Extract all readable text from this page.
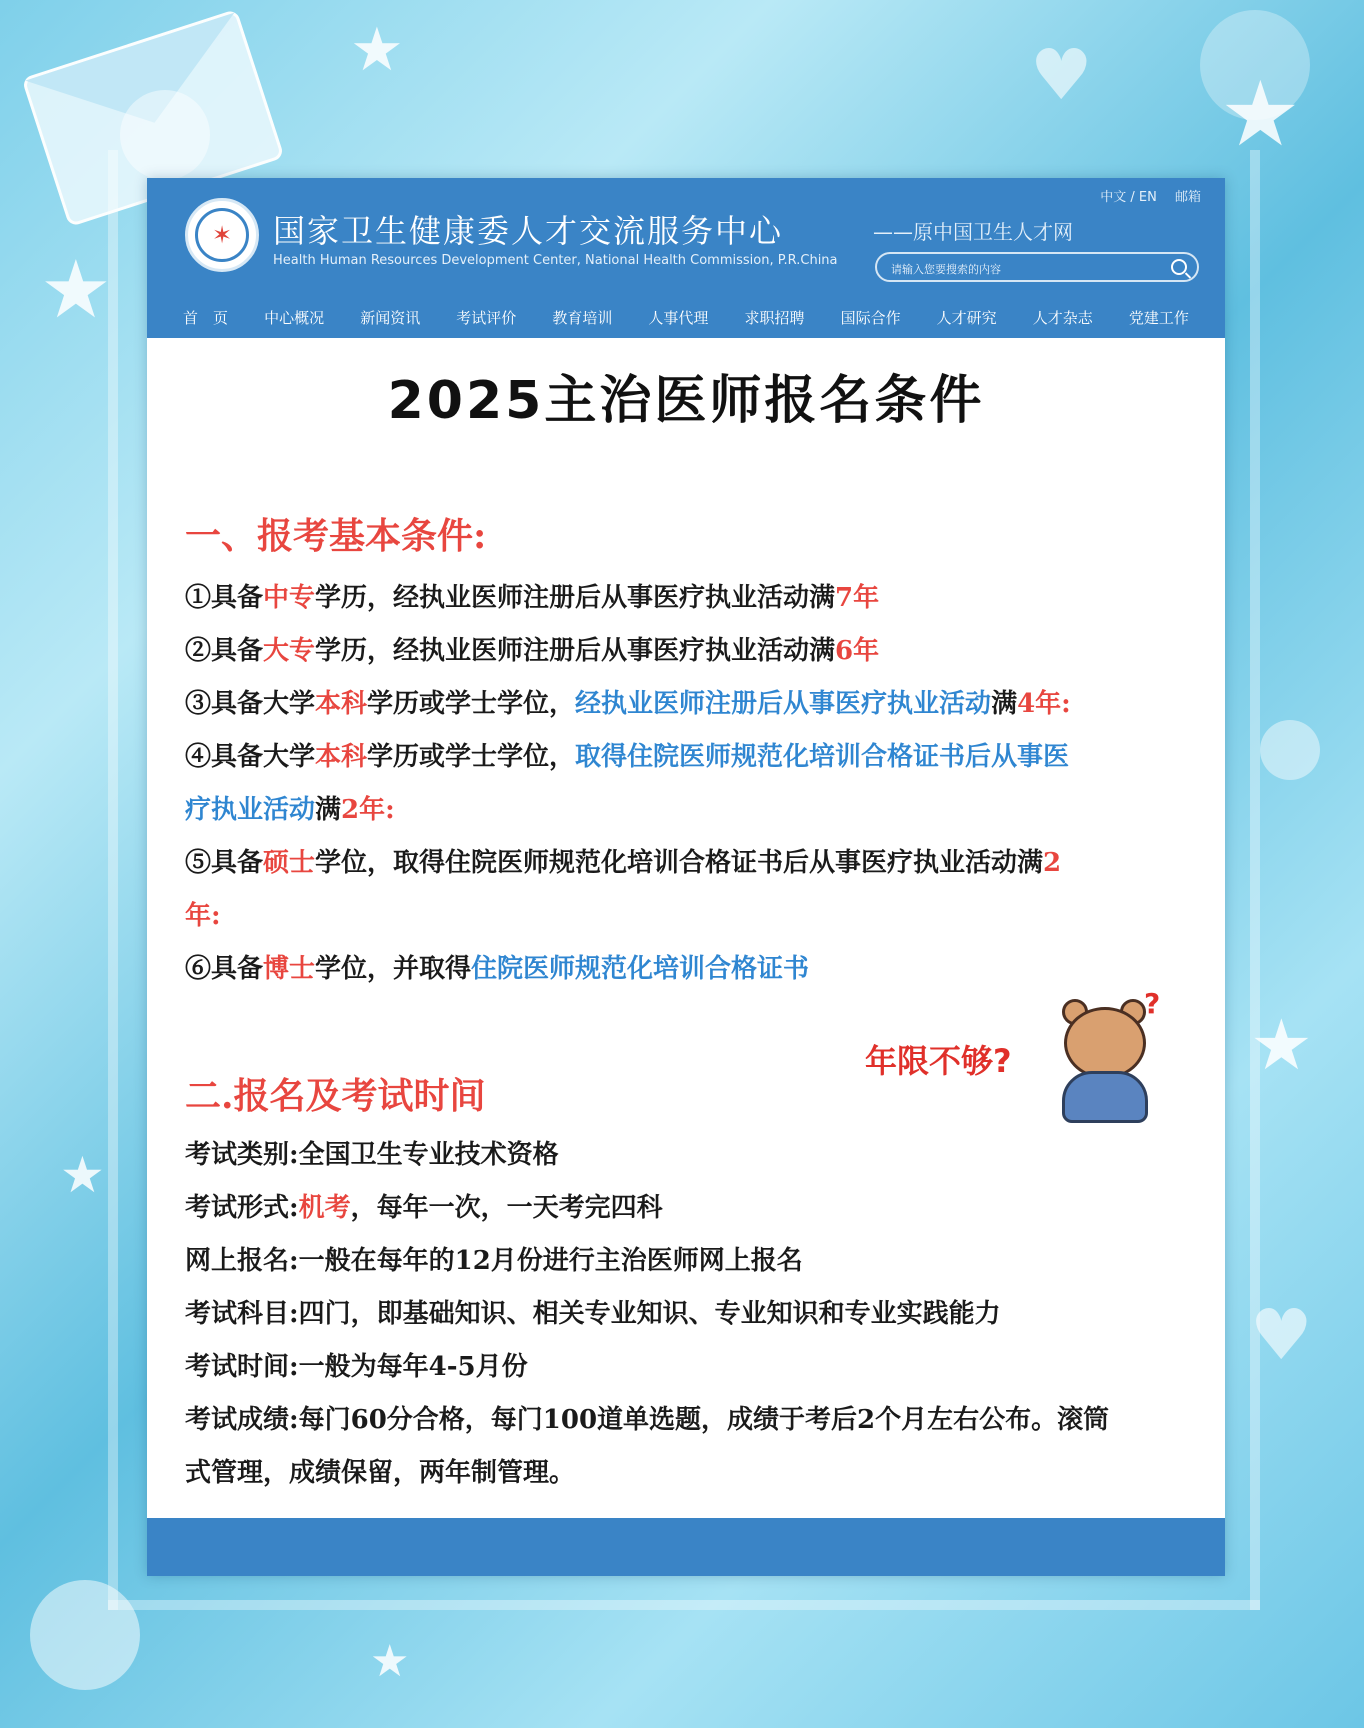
★
★
★
★
★
★
♥
♥
✶	国家卫生健康委人才交流服务中心
Health Human Resources Development Center, National Health Commission, P.R.China
——原中国卫生人才网
中文 / EN 邮箱
请输入您要搜索的内容
首　页 中心概况 新闻资讯 考试评价 教育培训 人事代理 求职招聘 国际合作 人才研究 人才杂志 党建工作
2025主治医师报名条件
一、报考基本条件:
①具备中专学历，经执业医师注册后从事医疗执业活动满7年
②具备大专学历，经执业医师注册后从事医疗执业活动满6年
③具备大学本科学历或学士学位，经执业医师注册后从事医疗执业活动满4年:
④具备大学本科学历或学士学位，取得住院医师规范化培训合格证书后从事医
疗执业活动满2年:
⑤具备硕士学位，取得住院医师规范化培训合格证书后从事医疗执业活动满2
年:
⑥具备博士学位，并取得住院医师规范化培训合格证书
年限不够?
?
二.报名及考试时间
考试类别:全国卫生专业技术资格
考试形式:机考，每年一次，一天考完四科
网上报名:一般在每年的12月份进行主治医师网上报名
考试科目:四门，即基础知识、相关专业知识、专业知识和专业实践能力
考试时间:一般为每年4-5月份
考试成绩:每门60分合格，每门100道单选题，成绩于考后2个月左右公布。滚筒
式管理，成绩保留，两年制管理。
